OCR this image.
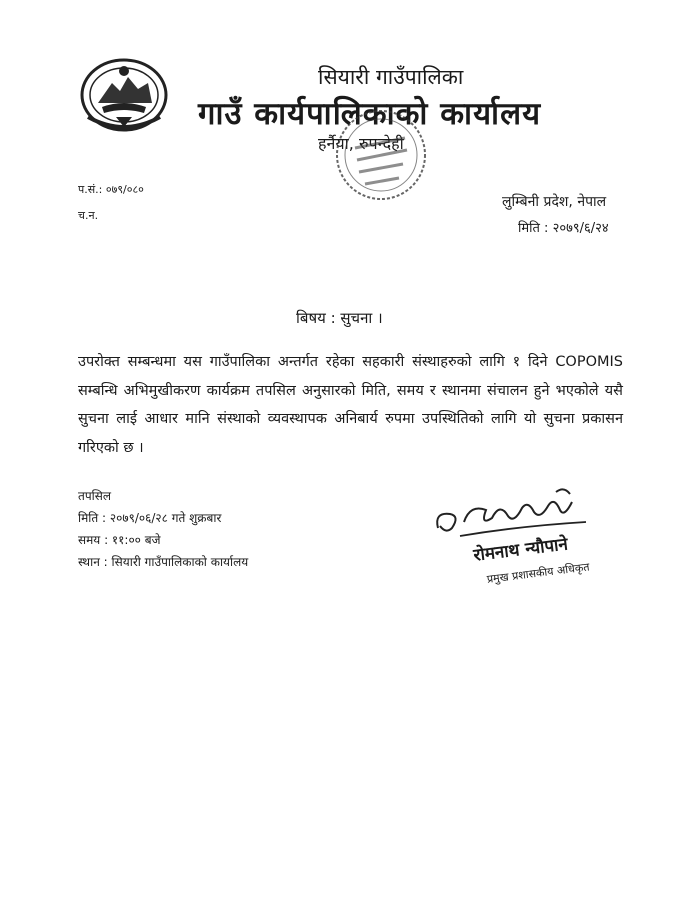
सियारी गाउँपालिका
गाउँ कार्यपालिकाको कार्यालय
हर्नैया, रुपन्देही
प.सं.: ०७९/०८०
च.न.
लुम्बिनी प्रदेश, नेपाल
मिति : २०७९/६/२४
बिषय : सुचना ।
उपरोक्त सम्बन्धमा यस गाउँपालिका अन्तर्गत रहेका सहकारी संस्थाहरुको लागि १ दिने COPOMIS सम्बन्धि अभिमुखीकरण कार्यक्रम तपसिल अनुसारको मिति, समय र स्थानमा संचालन हुने भएकोले यसै सुचना लाई आधार मानि संस्थाको व्यवस्थापक अनिबार्य रुपमा उपस्थितिको लागि यो सुचना प्रकासन गरिएको छ ।
तपसिल
मिति : २०७९/०६/२८ गते शुक्रबार
समय : ११:०० बजे
स्थान : सियारी गाउँपालिकाको कार्यालय	रोमनाथ न्यौपाने
प्रमुख प्रशासकीय अधिकृत
